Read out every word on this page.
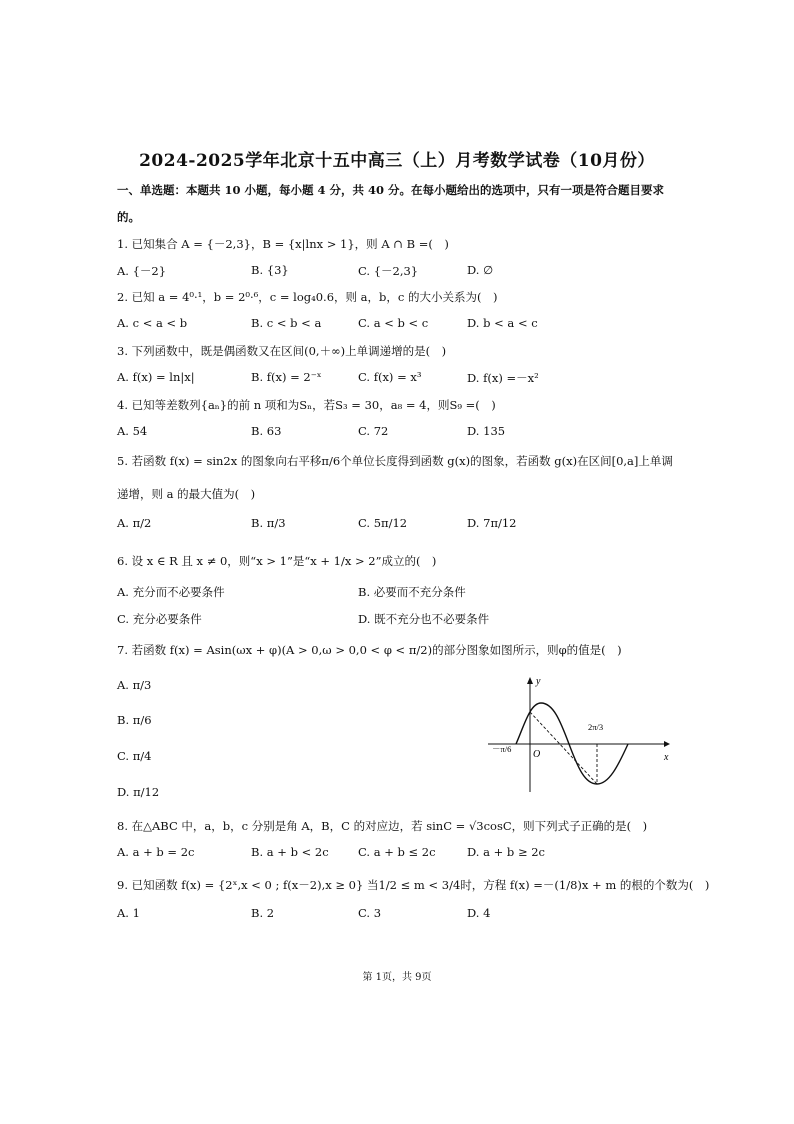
2024-2025学年北京十五中高三（上）月考数学试卷（10月份）
一、单选题：本题共 10 小题，每小题 4 分，共 40 分。在每小题给出的选项中，只有一项是符合题目要求的。
1. 已知集合 A = {－2,3}，B = {x|lnx > 1}，则 A ∩ B =(　)
A. {－2}	B. {3}	C. {－2,3}	D. ∅
2. 已知 a = 4⁰·¹，b = 2⁰·⁶，c = log₄0.6，则 a，b，c 的大小关系为(　)
A. c < a < b	B. c < b < a	C. a < b < c	D. b < a < c
3. 下列函数中，既是偶函数又在区间(0,＋∞)上单调递增的是(　)
A. f(x) = ln|x|	B. f(x) = 2⁻ˣ	C. f(x) = x³	D. f(x) =－x²
4. 已知等差数列{aₙ}的前 n 项和为Sₙ，若S₃ = 30，a₈ = 4，则S₉ =(　)
A. 54	B. 63	C. 72	D. 135
5. 若函数 f(x) = sin2x 的图象向右平移π/6个单位长度得到函数 g(x)的图象，若函数 g(x)在区间[0,a]上单调
递增，则 a 的最大值为(　)
A. π/2	B. π/3	C. 5π/12	D. 7π/12
6. 设 x ∈ R 且 x ≠ 0，则“x > 1”是“x + 1/x > 2”成立的(　)
A. 充分而不必要条件	B. 必要而不充分条件
C. 充分必要条件	D. 既不充分也不必要条件
7. 若函数 f(x) = Asin(ωx + φ)(A > 0,ω > 0,0 < φ < π/2)的部分图象如图所示，则φ的值是(　)
A. π/3
B. π/6
C. π/4
D. π/12
y
x
O
－π/6
2π/3
8. 在△ABC 中，a，b，c 分别是角 A，B，C 的对应边，若 sinC = √3cosC，则下列式子正确的是(　)
A. a + b = 2c	B. a + b < 2c	C. a + b ≤ 2c	D. a + b ≥ 2c
9. 已知函数 f(x) = {2ˣ,x < 0 ; f(x－2),x ≥ 0} 当1/2 ≤ m < 3/4时，方程 f(x) =－(1/8)x + m 的根的个数为(　)
A. 1	B. 2	C. 3	D. 4
第 1页，共 9页
